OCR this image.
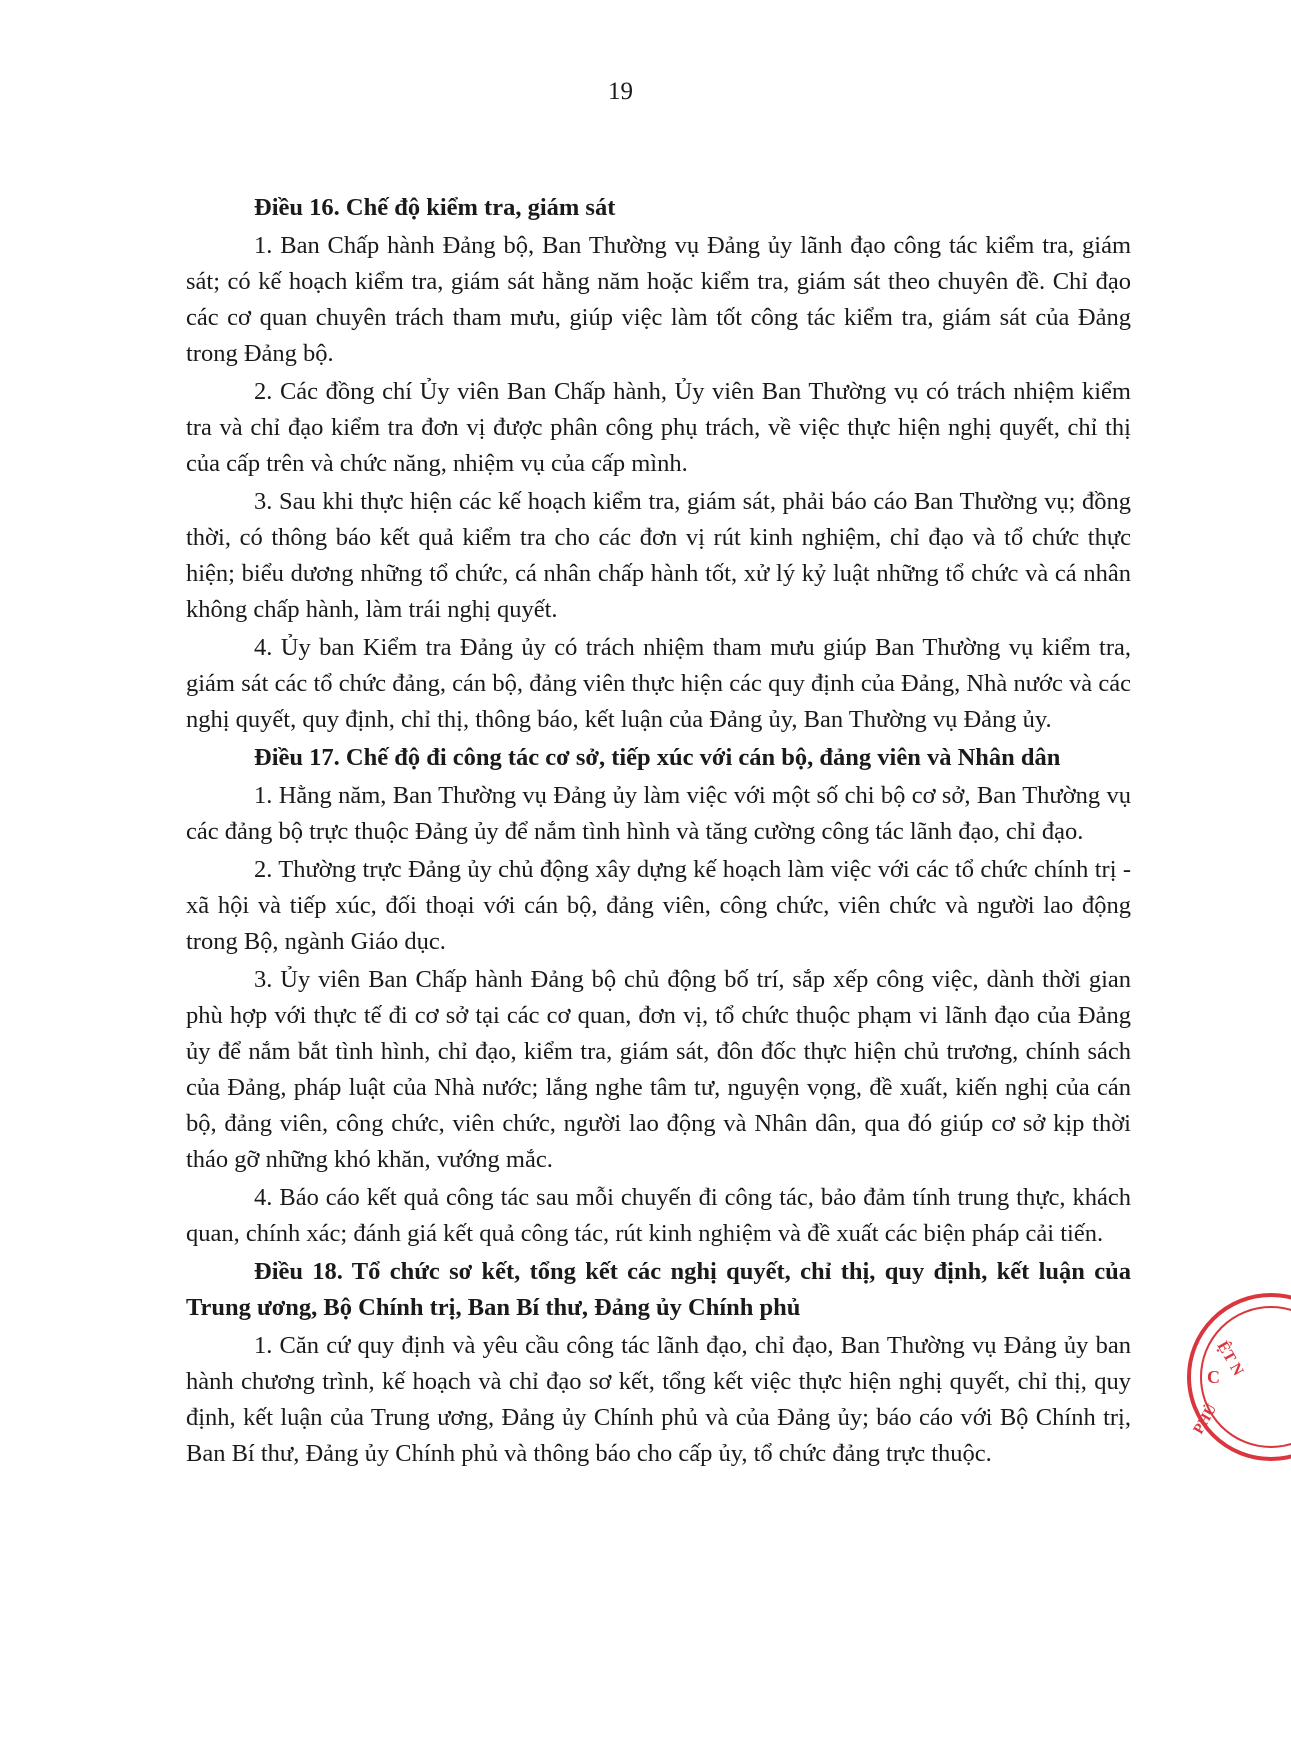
19

Điều 16. Chế độ kiểm tra, giám sát

1. Ban Chấp hành Đảng bộ, Ban Thường vụ Đảng ủy lãnh đạo công tác kiểm tra, giám sát; có kế hoạch kiểm tra, giám sát hằng năm hoặc kiểm tra, giám sát theo chuyên đề. Chỉ đạo các cơ quan chuyên trách tham mưu, giúp việc làm tốt công tác kiểm tra, giám sát của Đảng trong Đảng bộ.

2. Các đồng chí Ủy viên Ban Chấp hành, Ủy viên Ban Thường vụ có trách nhiệm kiểm tra và chỉ đạo kiểm tra đơn vị được phân công phụ trách, về việc thực hiện nghị quyết, chỉ thị của cấp trên và chức năng, nhiệm vụ của cấp mình.

3. Sau khi thực hiện các kế hoạch kiểm tra, giám sát, phải báo cáo Ban Thường vụ; đồng thời, có thông báo kết quả kiểm tra cho các đơn vị rút kinh nghiệm, chỉ đạo và tổ chức thực hiện; biểu dương những tổ chức, cá nhân chấp hành tốt, xử lý kỷ luật những tổ chức và cá nhân không chấp hành, làm trái nghị quyết.

4. Ủy ban Kiểm tra Đảng ủy có trách nhiệm tham mưu giúp Ban Thường vụ kiểm tra, giám sát các tổ chức đảng, cán bộ, đảng viên thực hiện các quy định của Đảng, Nhà nước và các nghị quyết, quy định, chỉ thị, thông báo, kết luận của Đảng ủy, Ban Thường vụ Đảng ủy.

Điều 17. Chế độ đi công tác cơ sở, tiếp xúc với cán bộ, đảng viên và Nhân dân

1. Hằng năm, Ban Thường vụ Đảng ủy làm việc với một số chi bộ cơ sở, Ban Thường vụ các đảng bộ trực thuộc Đảng ủy để nắm tình hình và tăng cường công tác lãnh đạo, chỉ đạo.

2. Thường trực Đảng ủy chủ động xây dựng kế hoạch làm việc với các tổ chức chính trị - xã hội và tiếp xúc, đối thoại với cán bộ, đảng viên, công chức, viên chức và người lao động trong Bộ, ngành Giáo dục.

3. Ủy viên Ban Chấp hành Đảng bộ chủ động bố trí, sắp xếp công việc, dành thời gian phù hợp với thực tế đi cơ sở tại các cơ quan, đơn vị, tổ chức thuộc phạm vi lãnh đạo của Đảng ủy để nắm bắt tình hình, chỉ đạo, kiểm tra, giám sát, đôn đốc thực hiện chủ trương, chính sách của Đảng, pháp luật của Nhà nước; lắng nghe tâm tư, nguyện vọng, đề xuất, kiến nghị của cán bộ, đảng viên, công chức, viên chức, người lao động và Nhân dân, qua đó giúp cơ sở kịp thời tháo gỡ những khó khăn, vướng mắc.

4. Báo cáo kết quả công tác sau mỗi chuyến đi công tác, bảo đảm tính trung thực, khách quan, chính xác; đánh giá kết quả công tác, rút kinh nghiệm và đề xuất các biện pháp cải tiến.

Điều 18. Tổ chức sơ kết, tổng kết các nghị quyết, chỉ thị, quy định, kết luận của Trung ương, Bộ Chính trị, Ban Bí thư, Đảng ủy Chính phủ

1. Căn cứ quy định và yêu cầu công tác lãnh đạo, chỉ đạo, Ban Thường vụ Đảng ủy ban hành chương trình, kế hoạch và chỉ đạo sơ kết, tổng kết việc thực hiện nghị quyết, chỉ thị, quy định, kết luận của Trung ương, Đảng ủy Chính phủ và của Đảng ủy; báo cáo với Bộ Chính trị, Ban Bí thư, Đảng ủy Chính phủ và thông báo cho cấp ủy, tổ chức đảng trực thuộc.

ỆT N
C
PHỦ
